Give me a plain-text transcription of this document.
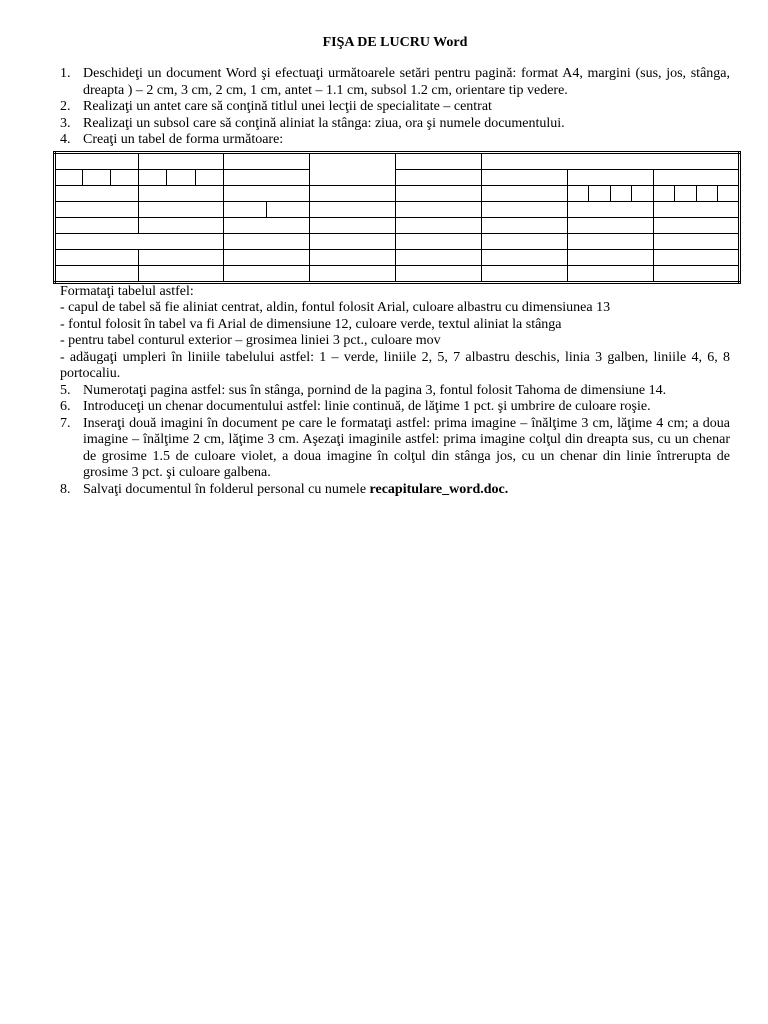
FIŞA DE LUCRU Word
1. Deschideţi un document Word şi efectuaţi următoarele setări pentru pagină: format A4, margini (sus, jos, stânga, dreapta ) – 2 cm, 3 cm, 2 cm, 1 cm, antet – 1.1 cm, subsol 1.2 cm, orientare tip vedere.
2. Realizaţi un antet care să conţină titlul unei lecţii de specialitate – centrat
3. Realizaţi un subsol care să conţină aliniat la stânga: ziua, ora şi numele documentului.
4. Creaţi un tabel de forma următoare:

Formataţi tabelul astfel:

- capul de tabel să fie aliniat centrat, aldin, fontul folosit Arial, culoare albastru cu dimensiunea 13

- fontul folosit în tabel va fi Arial de dimensiune 12, culoare verde, textul aliniat la stânga

- pentru tabel conturul exterior – grosimea liniei 3 pct., culoare mov

- adăugaţi umpleri în liniile tabelului astfel: 1 – verde, liniile 2, 5, 7 albastru deschis, linia 3 galben, liniile 4, 6, 8 portocaliu.

5. Numerotaţi pagina astfel: sus în stânga, pornind de la pagina 3, fontul folosit Tahoma de dimensiune 14.
6. Introduceţi un chenar documentului astfel: linie continuă, de lăţime 1 pct. şi umbrire de culoare roşie.
7. Inseraţi două imagini în document pe care le formataţi astfel: prima imagine – înălţime 3 cm, lăţime 4 cm; a doua imagine – înălţime 2 cm, lăţime 3 cm. Aşezaţi imaginile astfel: prima imagine colţul din dreapta sus, cu un chenar de grosime 1.5 de culoare violet, a doua imagine în colţul din stânga jos, cu un chenar din linie întrerupta de grosime 3 pct. şi culoare galbena.
8. Salvaţi documentul în folderul personal cu numele recapitulare_word.doc.
